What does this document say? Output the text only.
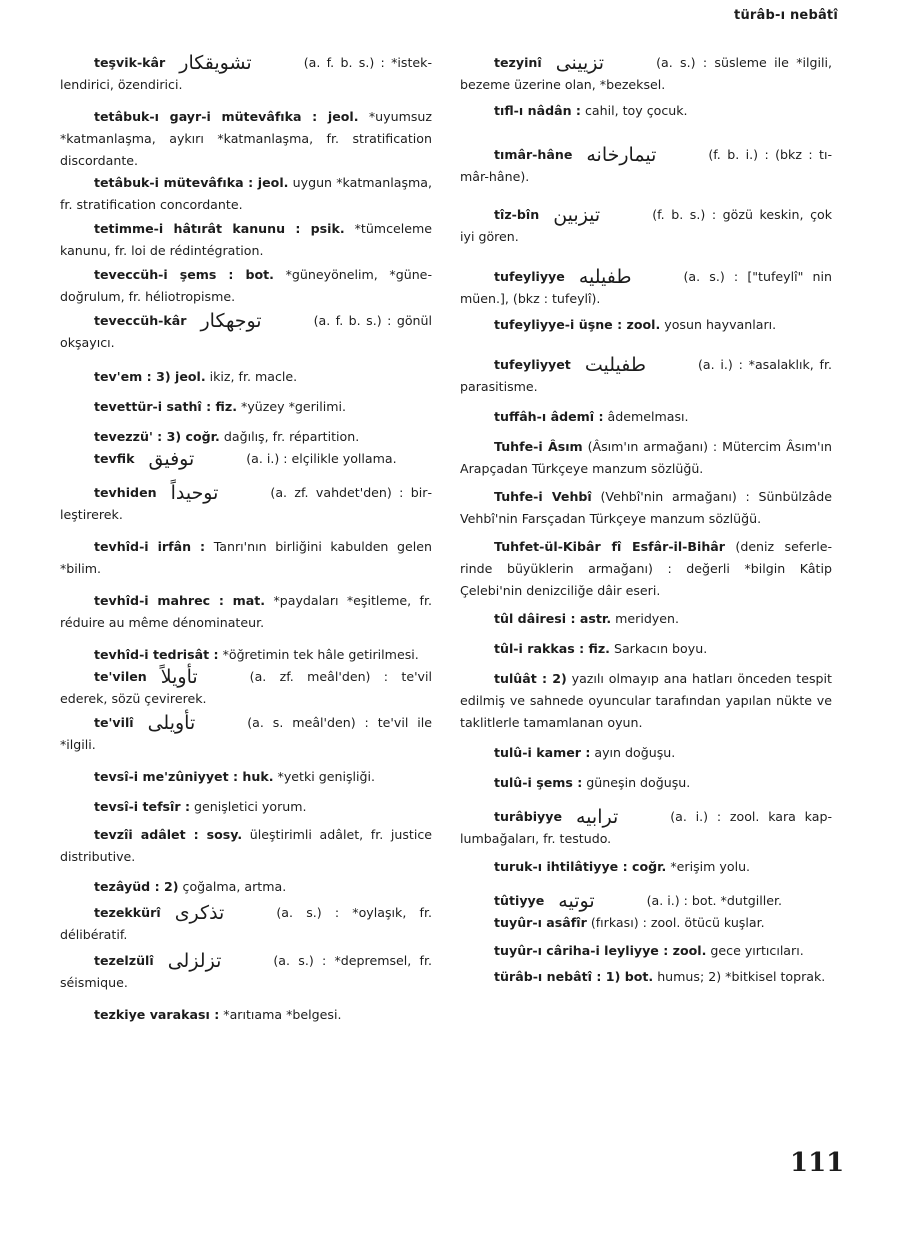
türâb-ı nebâtî

teşvik-kâr تشويقكار	(a. f. b. s.) : *isteklendirici, özendirici.

tetâbuk-ı gayr-i mütevâfıka : jeol. *uyumsuz *katmanlaşma, aykırı *katmanlaşma, fr. stratification discordante.

tetâbuk-i mütevâfıka : jeol. uygun *katmanlaşma, fr. stratification concordante.

tetimme-i hâtırât kanunu : psik. *tümceleme kanunu, fr. loi de rédintégration.

teveccüh-i şems : bot. *güneyönelim, *günedoğrulum, fr. héliotropisme.

teveccüh-kâr توجهكار	(a. f. b. s.) : gönül okşayıcı.

tev'em : 3) jeol. ikiz, fr. macle.

tevettür-i sathî : fiz. *yüzey *gerilimi.

tevezzü' : 3) coğr. dağılış, fr. répartition.

tevfik توفيق	(a. i.) : elçilikle yollama.

tevhiden توحيداً	(a. zf. vahdet'den) : birleştirerek.

tevhîd-i irfân : Tanrı'nın birliğini kabulden gelen *bilim.

tevhîd-i mahrec : mat. *paydaları *eşitleme, fr. réduire au même dénominateur.

tevhîd-i tedrisât : *öğretimin tek hâle getirilmesi.

te'vilen تأويلاً	(a. zf. meâl'den) : te'vil ederek, sözü çevirerek.

te'vilî تأويلى	(a. s. meâl'den) : te'vil ile *ilgili.

tevsî-i me'zûniyyet : huk. *yetki genişliği.

tevsî-i tefsîr : genişletici yorum.

tevzîi adâlet : sosy. üleştirimli adâlet, fr. justice distributive.

tezâyüd : 2) çoğalma, artma.

tezekkürî تذكرى	(a. s.) : *oylaşık, fr. délibératif.

tezelzülî تزلزلى	(a. s.) : *depremsel, fr. séismique.

tezkiye varakası : *arıtıama *belgesi.

tezyinî تزيينى	(a. s.) : süsleme ile *ilgili, bezeme üzerine olan, *bezeksel.

tıfl-ı nâdân : cahil, toy çocuk.

tımâr-hâne تيمارخانه	(f. b. i.) : (bkz : tımâr-hâne).

tîz-bîn تيزبين	(f. b. s.) : gözü keskin, çok iyi gören.

tufeyliyye طفيليه	(a. s.) : ["tufeylî" nin müen.], (bkz : tufeylî).

tufeyliyye-i üşne : zool. yosun hayvanları.

tufeyliyyet طفيليت	(a. i.) : *asalaklık, fr. parasitisme.

tuffâh-ı âdemî : âdemelması.

Tuhfe-i Âsım (Âsım'ın armağanı) : Mütercim Âsım'ın Arapçadan Türkçeye manzum sözlüğü.

Tuhfe-i Vehbî (Vehbî'nin armağanı) : Sünbülzâde Vehbî'nin Farsçadan Türkçeye manzum sözlüğü.

Tuhfet-ül-Kibâr fî Esfâr-il-Bihâr (deniz seferlerinde büyüklerin armağanı) : değerli *bilgin Kâtip Çelebi'nin denizciliğe dâir eseri.

tûl dâiresi : astr. meridyen.

tûl-i rakkas : fiz. Sarkacın boyu.

tulûât : 2) yazılı olmayıp ana hatları önceden tespit edilmiş ve sahnede oyuncular tarafından yapılan nükte ve taklitlerle tamamlanan oyun.

tulû-i kamer : ayın doğuşu.

tulû-i şems : güneşin doğuşu.

turâbiyye ترابيه	(a. i.) : zool. kara kaplumbağaları, fr. testudo.

turuk-ı ihtilâtiyye : coğr. *erişim yolu.

tûtiyye توتيه	(a. i.) : bot. *dutgiller.

tuyûr-ı asâfîr (fırkası) : zool. ötücü kuşlar.

tuyûr-ı câriha-i leyliyye : zool. gece yırtıcıları.

türâb-ı nebâtî : 1) bot. humus; 2) *bitkisel toprak.

111
